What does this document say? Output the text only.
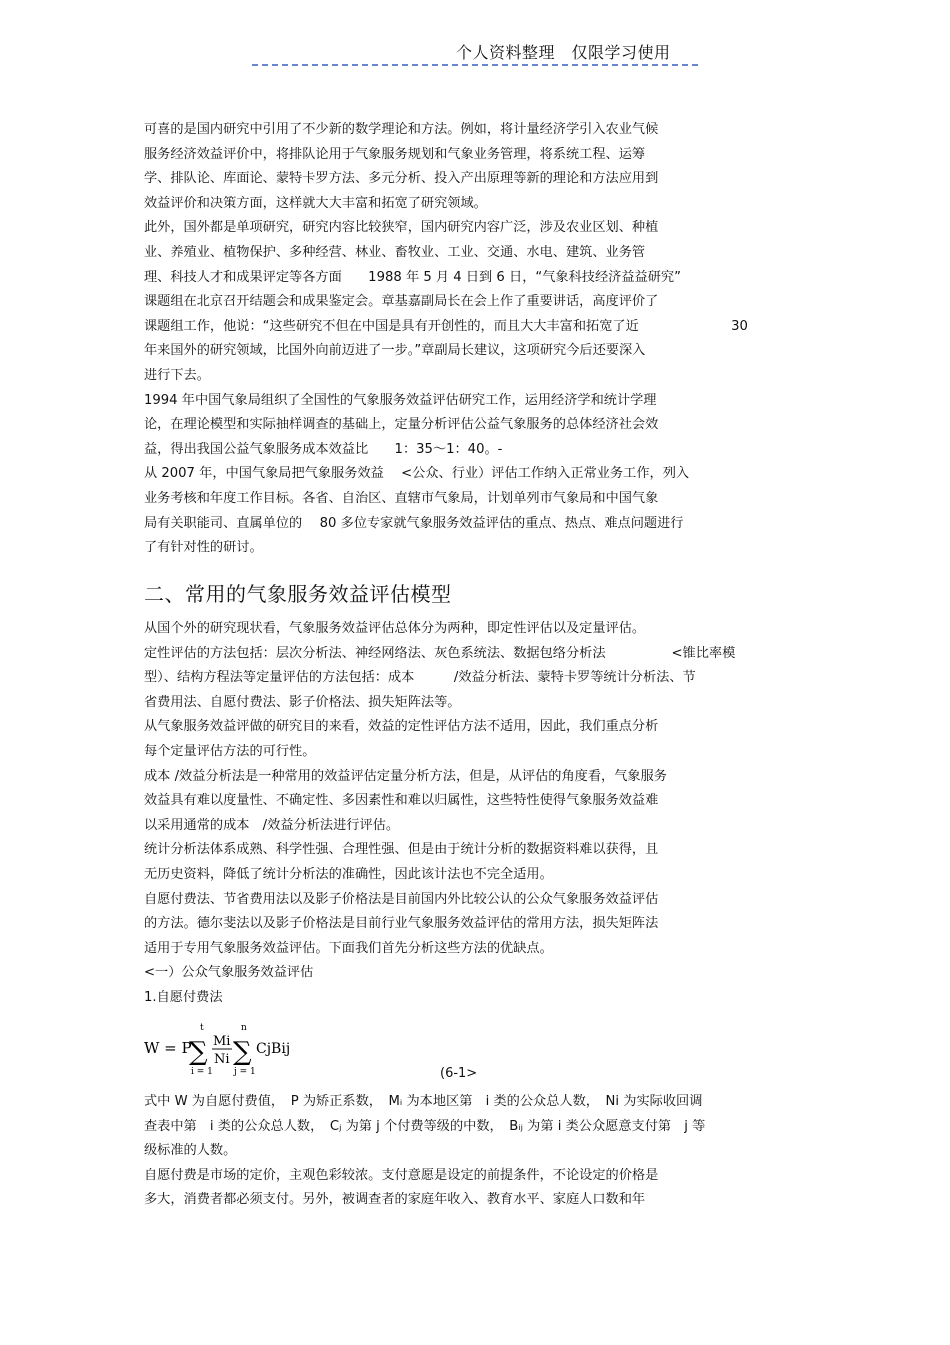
个人资料整理　仅限学习使用
可喜的是国内研究中引用了不少新的数学理论和方法。例如，将计量经济学引入农业气候
服务经济效益评价中，将排队论用于气象服务规划和气象业务管理，将系统工程、运筹
学、排队论、库面论、蒙特卡罗方法、多元分析、投入产出原理等新的理论和方法应用到
效益评价和决策方面，这样就大大丰富和拓宽了研究领域。
此外，国外都是单项研究，研究内容比较狭窄，国内研究内容广泛，涉及农业区划、种植
业、养殖业、植物保护、多种经营、林业、畜牧业、工业、交通、水电、建筑、业务管
理、科技人才和成果评定等各方面　　1988 年 5 月 4 日到 6 日，“气象科技经济益益研究”
课题组在北京召开结题会和成果鉴定会。章基嘉副局长在会上作了重要讲话，高度评价了
课题组工作，他说：“这些研究不但在中国是具有开创性的，而且大大丰富和拓宽了近　　　　　　　30
年来国外的研究领域，比国外向前迈进了一步。”章副局长建议，这项研究今后还要深入
进行下去。
1994 年中国气象局组织了全国性的气象服务效益评估研究工作，运用经济学和统计学理
论，在理论模型和实际抽样调查的基础上，定量分析评估公益气象服务的总体经济社会效
益，得出我国公益气象服务成本效益比　　1：35～1：40。-
从 2007 年，中国气象局把气象服务效益　 <公众、行业）评估工作纳入正常业务工作，列入
业务考核和年度工作目标。各省、自治区、直辖市气象局，计划单列市气象局和中国气象
局有关职能司、直属单位的　 80 多位专家就气象服务效益评估的重点、热点、难点问题进行
了有针对性的研讨。
二、常用的气象服务效益评估模型
从国个外的研究现状看，气象服务效益评估总体分为两种，即定性评估以及定量评估。
定性评估的方法包括：层次分析法、神经网络法、灰色系统法、数据包络分析法　　　　　<锥比率模
型）、结构方程法等定量评估的方法包括：成本　　　/效益分析法、蒙特卡罗等统计分析法、节
省费用法、自愿付费法、影子价格法、损失矩阵法等。
从气象服务效益评做的研究目的来看，效益的定性评估方法不适用，因此，我们重点分析
每个定量评估方法的可行性。
成本 /效益分析法是一种常用的效益评估定量分析方法，但是，从评估的角度看，气象服务
效益具有难以度量性、不确定性、多因素性和难以归属性，这些特性使得气象服务效益难
以采用通常的成本　/效益分析法进行评估。
统计分析法体系成熟、科学性强、合理性强、但是由于统计分析的数据资料难以获得，且
无历史资料，降低了统计分析法的准确性，因此该计法也不完全适用。
自愿付费法、节省费用法以及影子价格法是目前国内外比较公认的公众气象服务效益评估
的方法。德尔斐法以及影子价格法是目前行业气象服务效益评估的常用方法，损失矩阵法
适用于专用气象服务效益评估。下面我们首先分析这些方法的优缺点。
<一）公众气象服务效益评估
1.自愿付费法
W = P
t
∑
i = 1
Mi
Ni
n
∑
j = 1
CjBij
(6-1>
式中 W 为自愿付费值，　P 为矫正系数，　Mᵢ 为本地区第　i 类的公众总人数，　Ni 为实际收回调
查表中第　i 类的公众总人数，　Cⱼ 为第 j 个付费等级的中数，　Bᵢⱼ 为第 i 类公众愿意支付第　j 等
级标准的人数。
自愿付费是市场的定价，主观色彩较浓。支付意愿是设定的前提条件，不论设定的价格是
多大，消费者都必须支付。另外，被调查者的家庭年收入、教育水平、家庭人口数和年
